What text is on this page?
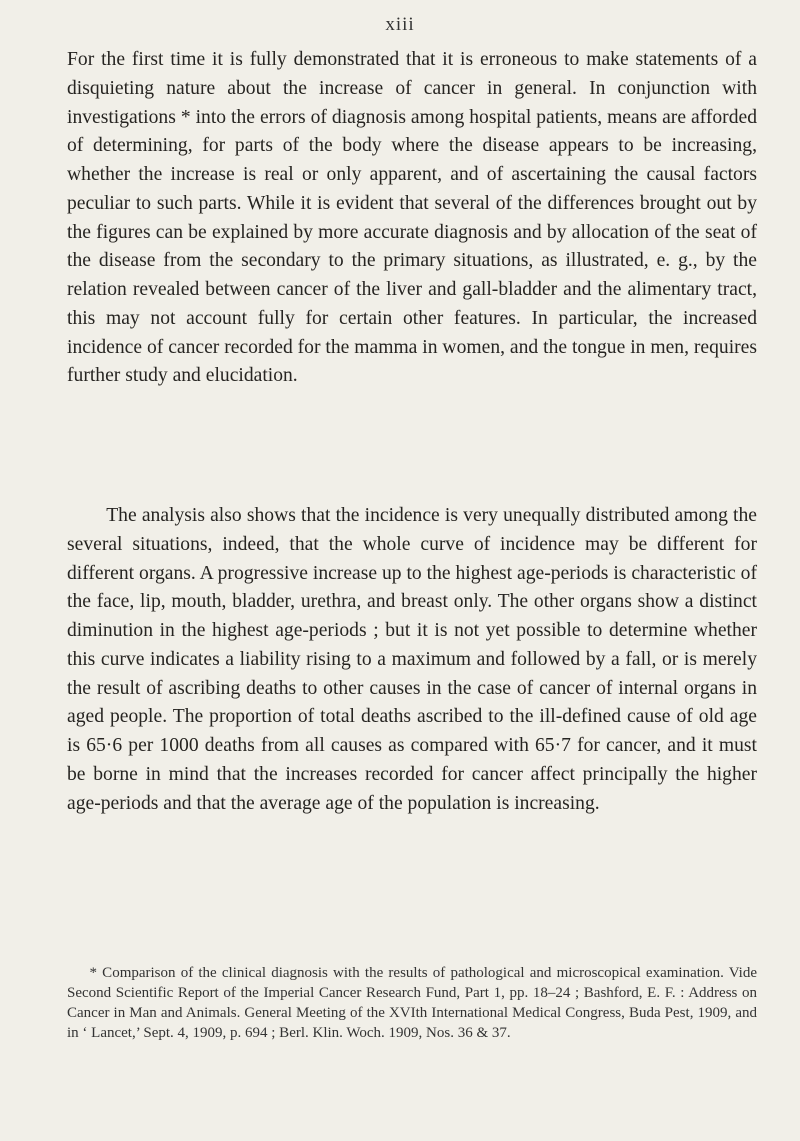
xiii

For the first time it is fully demonstrated that it is erroneous to make statements of a disquieting nature about the increase of cancer in general. In conjunction with investigations * into the errors of diagnosis among hospital patients, means are afforded of determining, for parts of the body where the disease appears to be increasing, whether the increase is real or only apparent, and of ascertaining the causal factors peculiar to such parts. While it is evident that several of the differences brought out by the figures can be explained by more accurate diagnosis and by allocation of the seat of the disease from the secondary to the primary situations, as illustrated, e. g., by the relation revealed between cancer of the liver and gall-bladder and the alimentary tract, this may not account fully for certain other features. In particular, the increased incidence of cancer recorded for the mamma in women, and the tongue in men, requires further study and elucidation.

The analysis also shows that the incidence is very unequally distributed among the several situations, indeed, that the whole curve of incidence may be different for different organs. A progressive increase up to the highest age-periods is characteristic of the face, lip, mouth, bladder, urethra, and breast only. The other organs show a distinct diminution in the highest age-periods ; but it is not yet possible to determine whether this curve indicates a liability rising to a maximum and followed by a fall, or is merely the result of ascribing deaths to other causes in the case of cancer of internal organs in aged people. The proportion of total deaths ascribed to the ill-defined cause of old age is 65·6 per 1000 deaths from all causes as compared with 65·7 for cancer, and it must be borne in mind that the increases recorded for cancer affect principally the higher age-periods and that the average age of the population is increasing.

* Comparison of the clinical diagnosis with the results of pathological and microscopical examination. Vide Second Scientific Report of the Imperial Cancer Research Fund, Part 1, pp. 18–24 ; Bashford, E. F. : Address on Cancer in Man and Animals. General Meeting of the XVIth International Medical Congress, Buda Pest, 1909, and in ‘ Lancet,’ Sept. 4, 1909, p. 694 ; Berl. Klin. Woch. 1909, Nos. 36 & 37.
